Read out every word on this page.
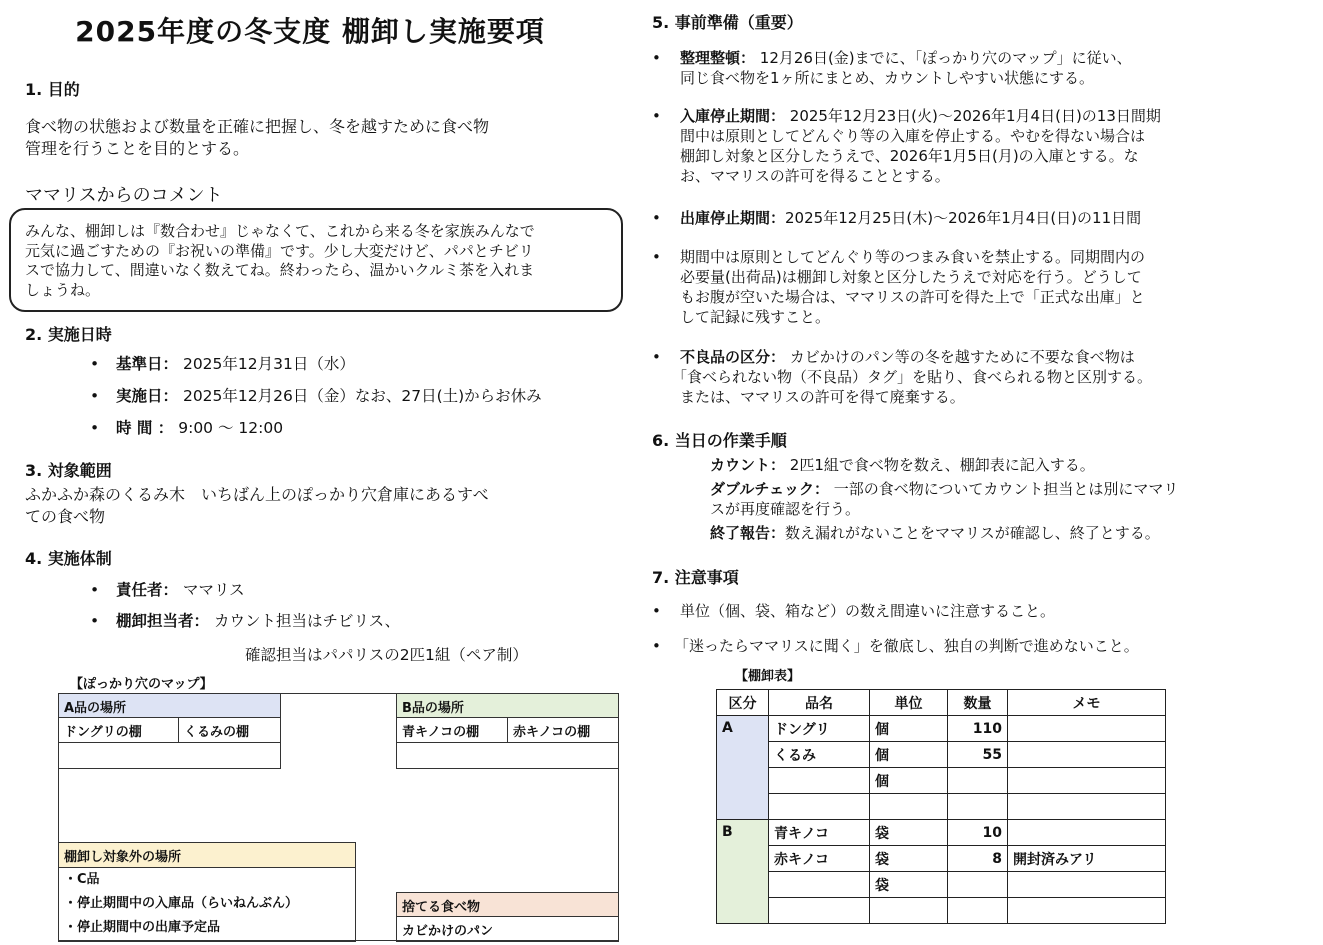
2025年度の冬支度 棚卸し実施要項
1. 目的
食べ物の状態および数量を正確に把握し、冬を越すために食べ物
管理を行うことを目的とする。
ママリスからのコメント
みんな、棚卸しは『数合わせ』じゃなくて、これから来る冬を家族みんなで
元気に過ごすための『お祝いの準備』です。少し大変だけど、パパとチビリ
スで協力して、間違いなく数えてね。終わったら、温かいクルミ茶を入れま
しょうね。
2. 実施日時
• 基準日： 2025年12月31日（水）
• 実施日： 2025年12月26日（金）なお、27日(土)からお休み
• 時 間 ： 9:00 ～ 12:00
3. 対象範囲
ふかふか森のくるみ木　いちばん上のぽっかり穴倉庫にあるすべ
ての食べ物
4. 実施体制
• 責任者： ママリス
• 棚卸担当者： カウント担当はチビリス、
確認担当はパパリスの2匹1組（ペア制）
【ぽっかり穴のマップ】
A品の場所
ドングリの棚	くるみの棚
B品の場所
青キノコの棚	赤キノコの棚
棚卸し対象外の場所
・C品
・停止期間中の入庫品（らいねんぶん）
・停止期間中の出庫予定品
捨てる食べ物
カビかけのパン
5. 事前準備（重要）
• 整理整頓： 12月26日(金)までに、「ぽっかり穴のマップ」に従い、
同じ食べ物を1ヶ所にまとめ、カウントしやすい状態にする。
• 入庫停止期間： 2025年12月23日(火)～2026年1月4日(日)の13日間期
間中は原則としてどんぐり等の入庫を停止する。やむを得ない場合は
棚卸し対象と区分したうえで、2026年1月5日(月)の入庫とする。な
お、ママリスの許可を得ることとする。
• 出庫停止期間：2025年12月25日(木)～2026年1月4日(日)の11日間
• 期間中は原則としてどんぐり等のつまみ食いを禁止する。同期間内の
必要量(出荷品)は棚卸し対象と区分したうえで対応を行う。どうして
もお腹が空いた場合は、ママリスの許可を得た上で「正式な出庫」と
して記録に残すこと。
• 不良品の区分： カビかけのパン等の冬を越すために不要な食べ物は
「食べられない物（不良品）タグ」を貼り、食べられる物と区別する。
または、ママリスの許可を得て廃棄する。
6. 当日の作業手順
カウント： 2匹1組で食べ物を数え、棚卸表に記入する。
ダブルチェック： 一部の食べ物についてカウント担当とは別にママリ
スが再度確認を行う。
終了報告：数え漏れがないことをママリスが確認し、終了とする。
7. 注意事項
• 単位（個、袋、箱など）の数え間違いに注意すること。
• 「迷ったらママリスに聞く」を徹底し、独自の判断で進めないこと。
【棚卸表】
区分	品名	単位	数量	メモ
A	ドングリ	個	110	
	くるみ	個	55	
		個		

B	青キノコ	袋	10	
	赤キノコ	袋	8	開封済みアリ
		袋		
